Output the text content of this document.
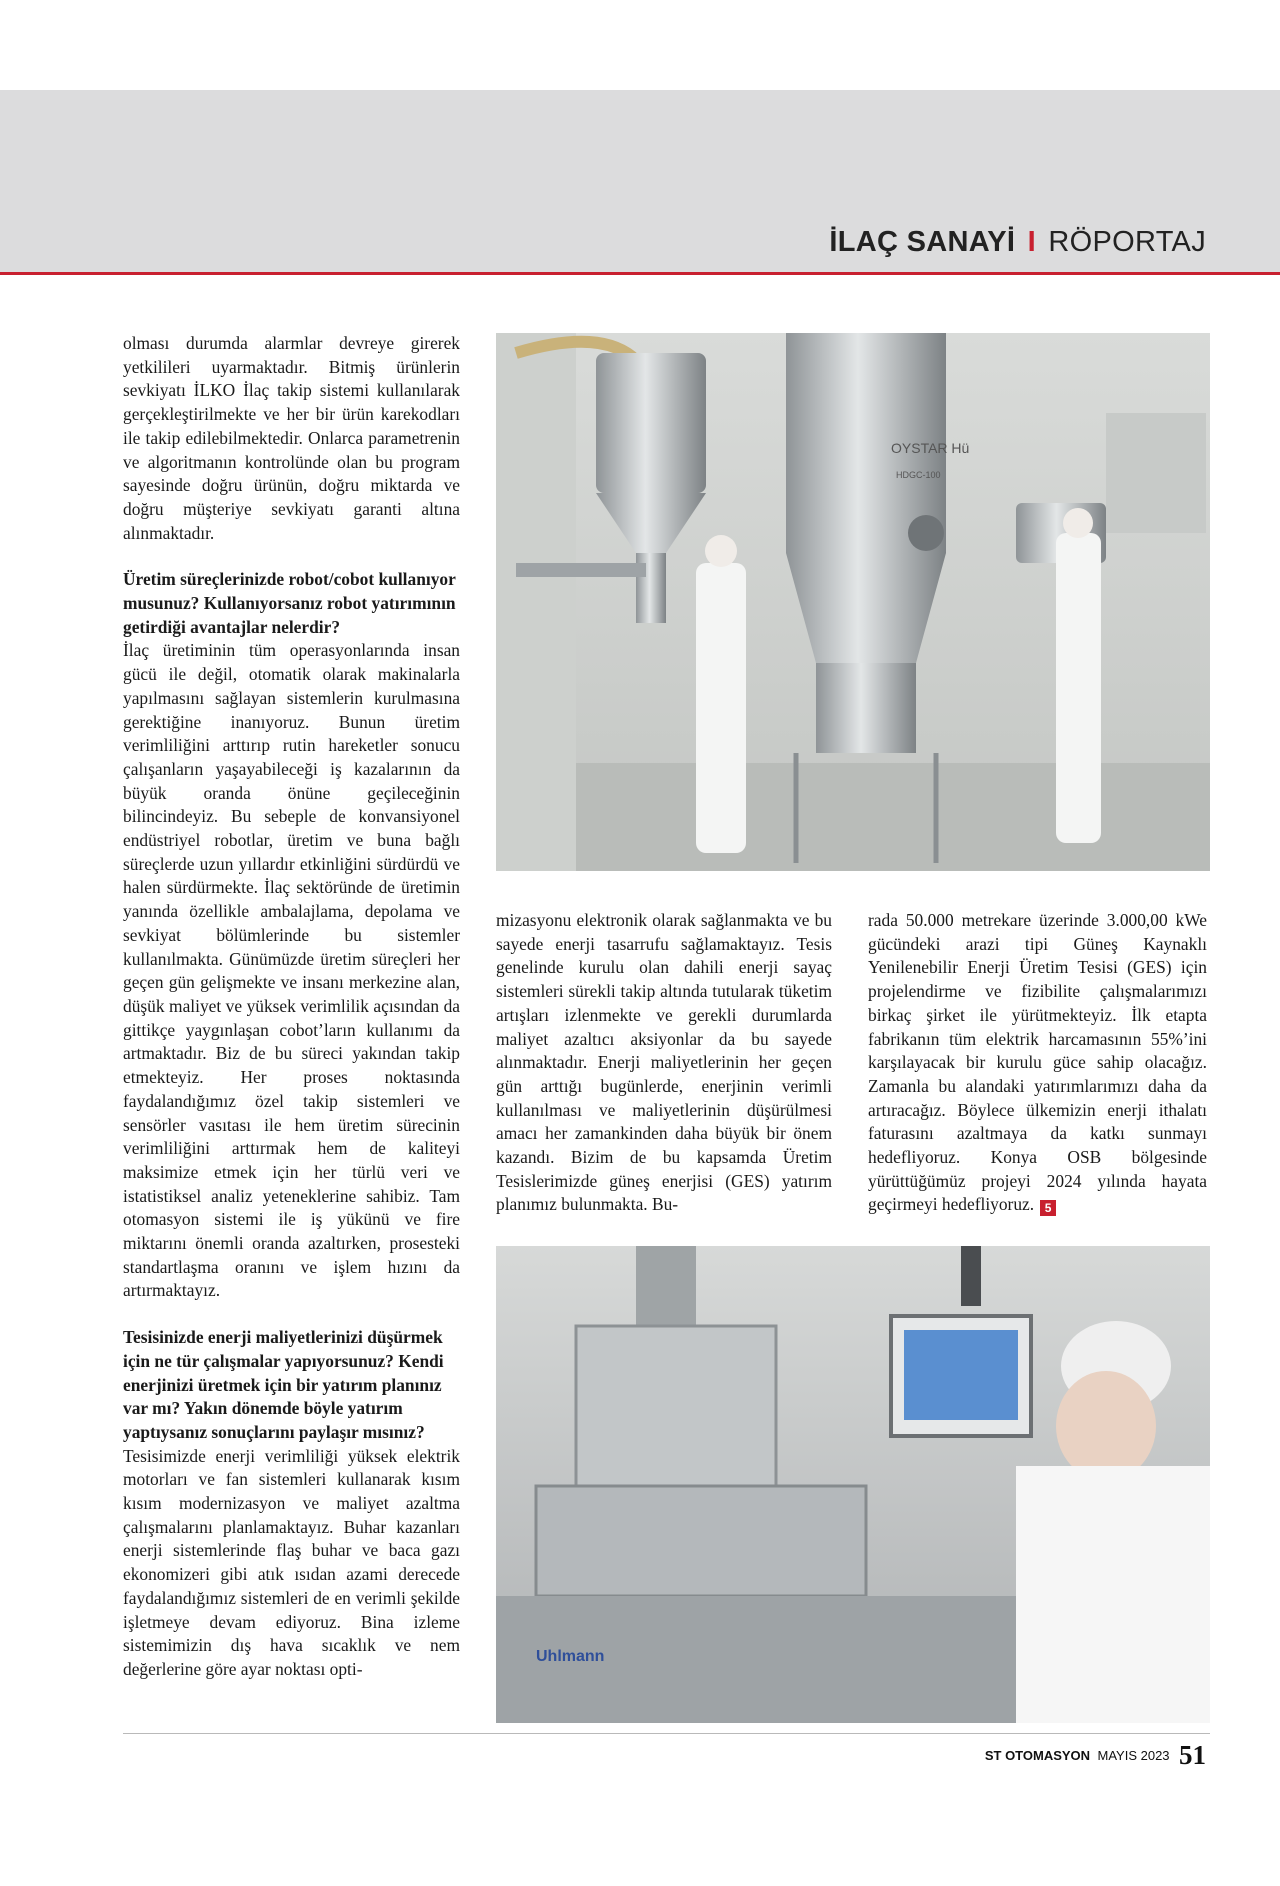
İLAÇ SANAYİ I RÖPORTAJ

olması durumda alarmlar devreye girerek yetkilileri uyarmaktadır. Bitmiş ürünlerin sevkiyatı İLKO İlaç takip sistemi kullanılarak gerçekleştirilmekte ve her bir ürün karekodları ile takip edilebilmektedir. Onlarca parametrenin ve algoritmanın kontrolünde olan bu program sayesinde doğru ürünün, doğru miktarda ve doğru müşteriye sevkiyatı garanti altına alınmaktadır.

Üretim süreçlerinizde robot/cobot kullanıyor musunuz? Kullanıyorsanız robot yatırımının getirdiği avantajlar nelerdir?

İlaç üretiminin tüm operasyonlarında insan gücü ile değil, otomatik olarak makinalarla yapılmasını sağlayan sistemlerin kurulmasına gerektiğine inanıyoruz. Bunun üretim verimliliğini arttırıp rutin hareketler sonucu çalışanların yaşayabileceği iş kazalarının da büyük oranda önüne geçileceğinin bilincindeyiz. Bu sebeple de konvansiyonel endüstriyel robotlar, üretim ve buna bağlı süreçlerde uzun yıllardır etkinliğini sürdürdü ve halen sürdürmekte. İlaç sektöründe de üretimin yanında özellikle ambalajlama, depolama ve sevkiyat bölümlerinde bu sistemler kullanılmakta. Günümüzde üretim süreçleri her geçen gün gelişmekte ve insanı merkezine alan, düşük maliyet ve yüksek verimlilik açısından da gittikçe yaygınlaşan cobot’ların kullanımı da artmaktadır. Biz de bu süreci yakından takip etmekteyiz. Her proses noktasında faydalandığımız özel takip sistemleri ve sensörler vasıtası ile hem üretim sürecinin verimliliğini arttırmak hem de kaliteyi maksimize etmek için her türlü veri ve istatistiksel analiz yeteneklerine sahibiz. Tam otomasyon sistemi ile iş yükünü ve fire miktarını önemli oranda azaltırken, prosesteki standartlaşma oranını ve işlem hızını da artırmaktayız.

Tesisinizde enerji maliyetlerinizi düşürmek için ne tür çalışmalar yapıyorsunuz? Kendi enerjinizi üretmek için bir yatırım planınız var mı? Yakın dönemde böyle yatırım yaptıysanız sonuçlarını paylaşır mısınız?

Tesisimizde enerji verimliliği yüksek elektrik motorları ve fan sistemleri kullanarak kısım kısım modernizasyon ve maliyet azaltma çalışmalarını planlamaktayız. Buhar kazanları enerji sistemlerinde flaş buhar ve baca gazı ekonomizeri gibi atık ısıdan azami derecede faydalandığımız sistemleri de en verimli şekilde işletmeye devam ediyoruz. Bina izleme sistemimizin dış hava sıcaklık ve nem değerlerine göre ayar noktası opti-

mizasyonu elektronik olarak sağlanmakta ve bu sayede enerji tasarrufu sağlamaktayız. Tesis genelinde kurulu olan dahili enerji sayaç sistemleri sürekli takip altında tutularak tüketim artışları izlenmekte ve gerekli durumlarda maliyet azaltıcı aksiyonlar da bu sayede alınmaktadır. Enerji maliyetlerinin her geçen gün arttığı bugünlerde, enerjinin verimli kullanılması ve maliyetlerinin düşürülmesi amacı her zamankinden daha büyük bir önem kazandı. Bizim de bu kapsamda Üretim Tesislerimizde güneş enerjisi (GES) yatırım planımız bulunmakta. Bu-

rada 50.000 metrekare üzerinde 3.000,00 kWe gücündeki arazi tipi Güneş Kaynaklı Yenilenebilir Enerji Üretim Tesisi (GES) için projelendirme ve fizibilite çalışmalarımızı birkaç şirket ile yürütmekteyiz. İlk etapta fabrikanın tüm elektrik harcamasının 55%’ini karşılayacak bir kurulu güce sahip olacağız. Zamanla bu alandaki yatırımlarımızı daha da artıracağız. Böylece ülkemizin enerji ithalatı faturasını azaltmaya da katkı sunmayı hedefliyoruz. Konya OSB bölgesinde yürüttüğümüz projeyi 2024 yılında hayata geçirmeyi hedefliyoruz. 5

OYSTAR Hü
HDGC-100
Uhlmann
$^{ST OTOMASYON}$ $^{MAYIS 2023}$ 51
